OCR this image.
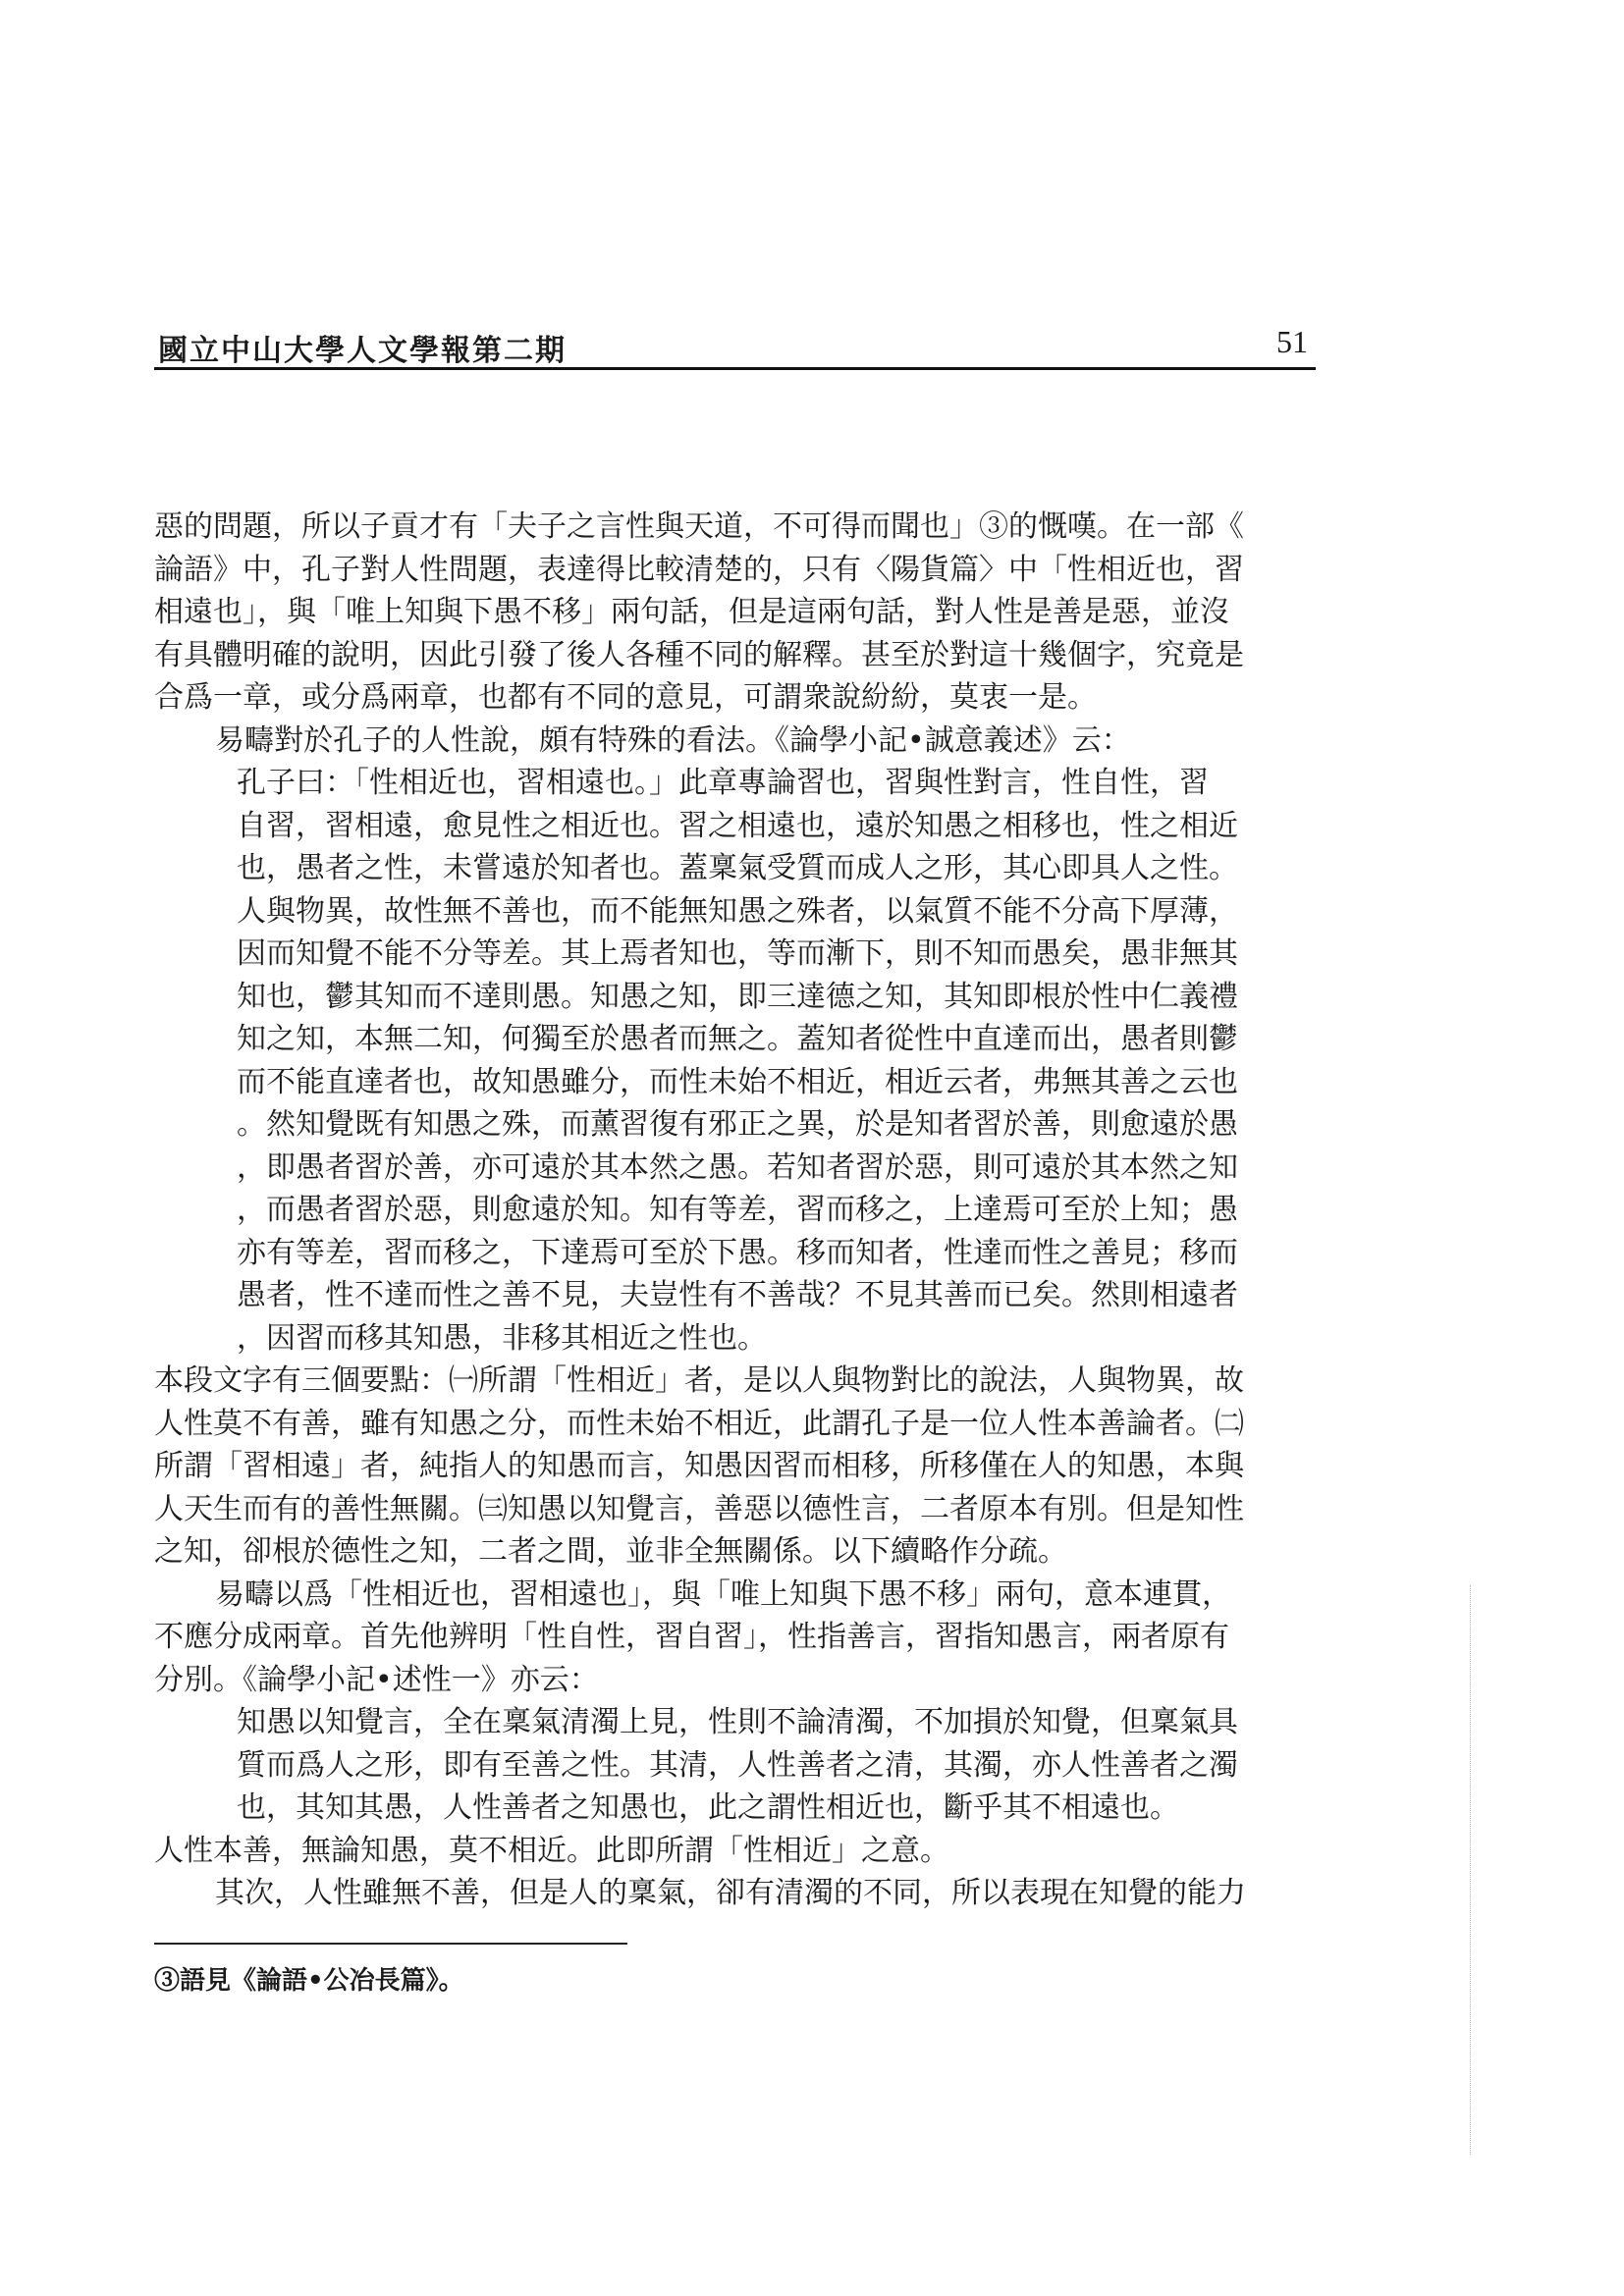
國立中山大學人文學報第二期	51

惡的問題，所以子貢才有「夫子之言性與天道，不可得而聞也」③的慨嘆。在一部《
論語》中，孔子對人性問題，表達得比較清楚的，只有〈陽貨篇〉中「性相近也，習
相遠也」，與「唯上知與下愚不移」兩句話，但是這兩句話，對人性是善是惡，並沒
有具體明確的說明，因此引發了後人各種不同的解釋。甚至於對這十幾個字，究竟是
合爲一章，或分爲兩章，也都有不同的意見，可謂衆說紛紛，莫衷一是。

易疇對於孔子的人性說，頗有特殊的看法。《論學小記•誠意義述》云：

孔子曰：「性相近也，習相遠也。」此章專論習也，習與性對言，性自性，習
自習，習相遠，愈見性之相近也。習之相遠也，遠於知愚之相移也，性之相近
也，愚者之性，未嘗遠於知者也。蓋稟氣受質而成人之形，其心即具人之性。
人與物異，故性無不善也，而不能無知愚之殊者，以氣質不能不分高下厚薄，
因而知覺不能不分等差。其上焉者知也，等而漸下，則不知而愚矣，愚非無其
知也，鬱其知而不達則愚。知愚之知，即三達德之知，其知即根於性中仁義禮
知之知，本無二知，何獨至於愚者而無之。蓋知者從性中直達而出，愚者則鬱
而不能直達者也，故知愚雖分，而性未始不相近，相近云者，弗無其善之云也
。然知覺既有知愚之殊，而薰習復有邪正之異，於是知者習於善，則愈遠於愚
，即愚者習於善，亦可遠於其本然之愚。若知者習於惡，則可遠於其本然之知
，而愚者習於惡，則愈遠於知。知有等差，習而移之，上達焉可至於上知；愚
亦有等差，習而移之，下達焉可至於下愚。移而知者，性達而性之善見；移而
愚者，性不達而性之善不見，夫豈性有不善哉？不見其善而已矣。然則相遠者
，因習而移其知愚，非移其相近之性也。

本段文字有三個要點：㈠所謂「性相近」者，是以人與物對比的說法，人與物異，故
人性莫不有善，雖有知愚之分，而性未始不相近，此謂孔子是一位人性本善論者。㈡
所謂「習相遠」者，純指人的知愚而言，知愚因習而相移，所移僅在人的知愚，本與
人天生而有的善性無關。㈢知愚以知覺言，善惡以德性言，二者原本有別。但是知性
之知，卻根於德性之知，二者之間，並非全無關係。以下續略作分疏。

易疇以爲「性相近也，習相遠也」，與「唯上知與下愚不移」兩句，意本連貫，
不應分成兩章。首先他辨明「性自性，習自習」，性指善言，習指知愚言，兩者原有
分別。《論學小記•述性一》亦云：

知愚以知覺言，全在稟氣清濁上見，性則不論清濁，不加損於知覺，但稟氣具
質而爲人之形，即有至善之性。其清，人性善者之清，其濁，亦人性善者之濁
也，其知其愚，人性善者之知愚也，此之謂性相近也，斷乎其不相遠也。

人性本善，無論知愚，莫不相近。此即所謂「性相近」之意。

其次，人性雖無不善，但是人的稟氣，卻有清濁的不同，所以表現在知覺的能力

③語見《論語•公冶長篇》。
